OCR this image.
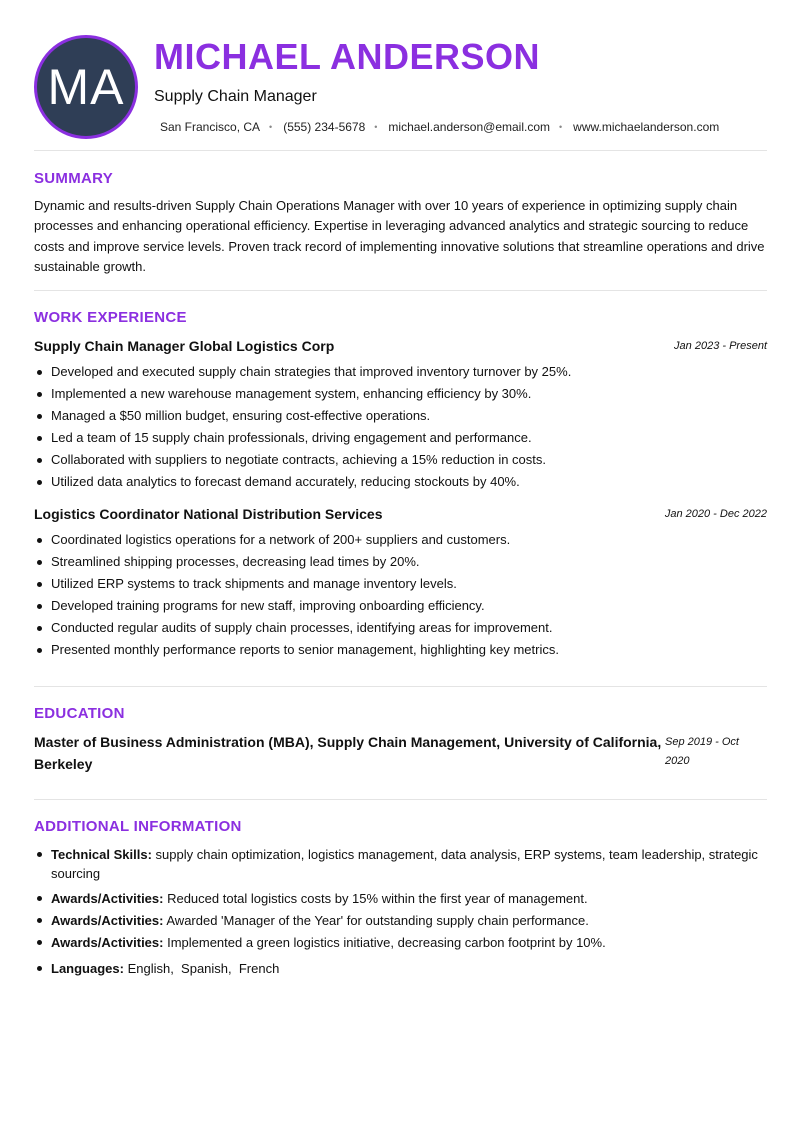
MA
MICHAEL ANDERSON
Supply Chain Manager
San Francisco, CA • (555) 234-5678 • michael.anderson@email.com • www.michaelanderson.com
SUMMARY

Dynamic and results-driven Supply Chain Operations Manager with over 10 years of experience in optimizing supply chain processes and enhancing operational efficiency. Expertise in leveraging advanced analytics and strategic sourcing to reduce costs and improve service levels. Proven track record of implementing innovative solutions that streamline operations and drive sustainable growth.

WORK EXPERIENCE
Supply Chain Manager Global Logistics Corp	Jan 2023 - Present
Developed and executed supply chain strategies that improved inventory turnover by 25%.
Implemented a new warehouse management system, enhancing efficiency by 30%.
Managed a $50 million budget, ensuring cost-effective operations.
Led a team of 15 supply chain professionals, driving engagement and performance.
Collaborated with suppliers to negotiate contracts, achieving a 15% reduction in costs.
Utilized data analytics to forecast demand accurately, reducing stockouts by 40%.
Logistics Coordinator National Distribution Services	Jan 2020 - Dec 2022
Coordinated logistics operations for a network of 200+ suppliers and customers.
Streamlined shipping processes, decreasing lead times by 20%.
Utilized ERP systems to track shipments and manage inventory levels.
Developed training programs for new staff, improving onboarding efficiency.
Conducted regular audits of supply chain processes, identifying areas for improvement.
Presented monthly performance reports to senior management, highlighting key metrics.
EDUCATION
Master of Business Administration (MBA), Supply Chain Management, University of California, Berkeley
Sep 2019 - Oct 2020
ADDITIONAL INFORMATION
Technical Skills: supply chain optimization, logistics management, data analysis, ERP systems, team leadership, strategic sourcing
Awards/Activities: Reduced total logistics costs by 15% within the first year of management.
Awards/Activities: Awarded 'Manager of the Year' for outstanding supply chain performance.
Awards/Activities: Implemented a green logistics initiative, decreasing carbon footprint by 10%.
Languages: English,  Spanish,  French
